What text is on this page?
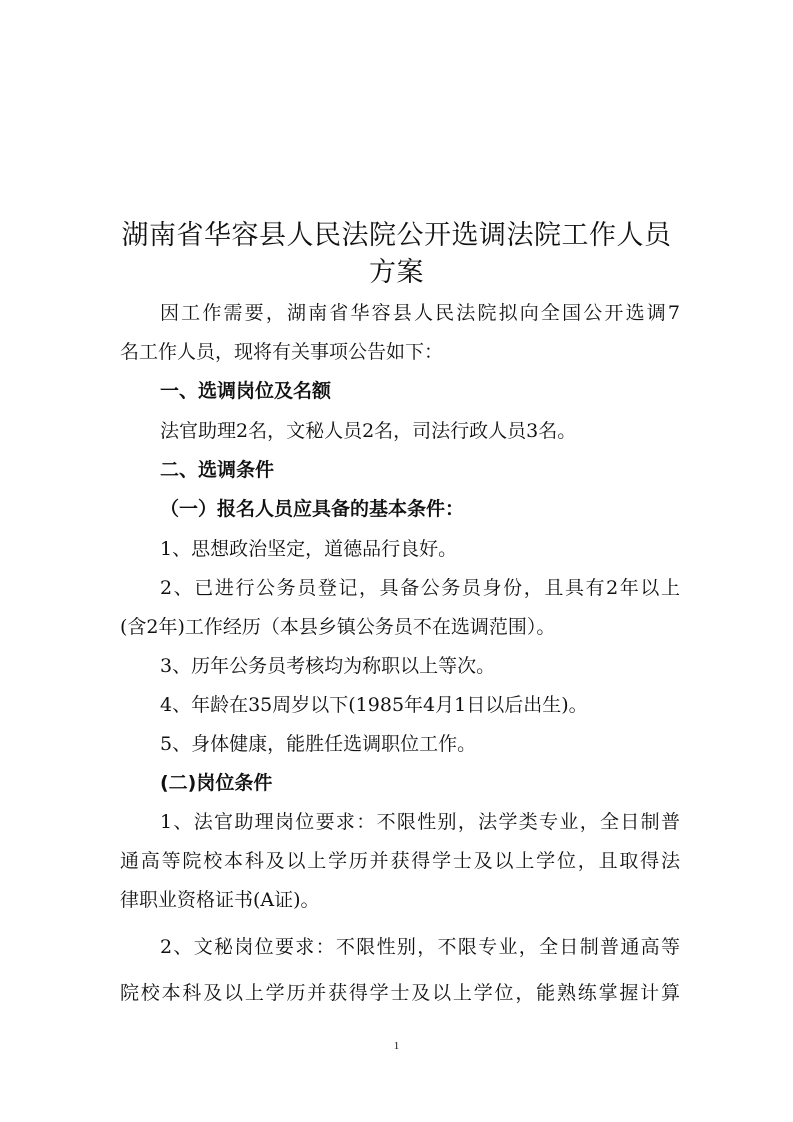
湖南省华容县人民法院公开选调法院工作人员
方案

因工作需要，湖南省华容县人民法院拟向全国公开选调7

名工作人员，现将有关事项公告如下：

一、选调岗位及名额

法官助理2名，文秘人员2名，司法行政人员3名。

二、选调条件

（一）报名人员应具备的基本条件：

1、思想政治坚定，道德品行良好。

2、已进行公务员登记，具备公务员身份，且具有2年以上

(含2年)工作经历（本县乡镇公务员不在选调范围）。

3、历年公务员考核均为称职以上等次。

4、年龄在35周岁以下(1985年4月1日以后出生)。

5、身体健康，能胜任选调职位工作。

(二)岗位条件

1、法官助理岗位要求：不限性别，法学类专业，全日制普

通高等院校本科及以上学历并获得学士及以上学位，且取得法

律职业资格证书(A证)。

2、文秘岗位要求：不限性别，不限专业，全日制普通高等

院校本科及以上学历并获得学士及以上学位，能熟练掌握计算

1
